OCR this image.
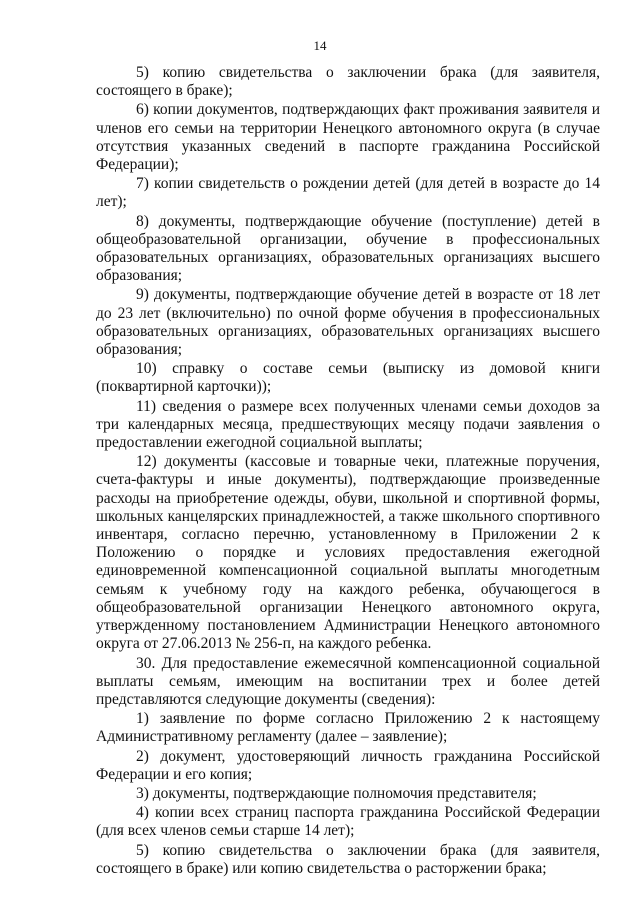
14

5) копию свидетельства о заключении брака (для заявителя, состоящего в браке);

6) копии документов, подтверждающих факт проживания заявителя и членов его семьи на территории Ненецкого автономного округа (в случае отсутствия указанных сведений в паспорте гражданина Российской Федерации);

7) копии свидетельств о рождении детей (для детей в возрасте до 14 лет);

8) документы, подтверждающие обучение (поступление) детей в общеобразовательной организации, обучение в профессиональных образовательных организациях, образовательных организациях высшего образования;

9) документы, подтверждающие обучение детей в возрасте от 18 лет до 23 лет (включительно) по очной форме обучения в профессиональных образовательных организациях, образовательных организациях высшего образования;

10) справку о составе семьи (выписку из домовой книги (поквартирной карточки));

11) сведения о размере всех полученных членами семьи доходов за три календарных месяца, предшествующих месяцу подачи заявления о предоставлении ежегодной социальной выплаты;

12) документы (кассовые и товарные чеки, платежные поручения, счета-фактуры и иные документы), подтверждающие произведенные расходы на приобретение одежды, обуви, школьной и спортивной формы, школьных канцелярских принадлежностей, а также школьного спортивного инвентаря, согласно перечню, установленному в Приложении 2 к Положению о порядке и условиях предоставления ежегодной единовременной компенсационной социальной выплаты многодетным семьям к учебному году на каждого ребенка, обучающегося в общеобразовательной организации Ненецкого автономного округа, утвержденному постановлением Администрации Ненецкого автономного округа от 27.06.2013 № 256-п, на каждого ребенка.

30. Для предоставление ежемесячной компенсационной социальной выплаты семьям, имеющим на воспитании трех и более детей представляются следующие документы (сведения):

1) заявление по форме согласно Приложению 2 к настоящему Административному регламенту (далее – заявление);

2) документ, удостоверяющий личность гражданина Российской Федерации и его копия;

3) документы, подтверждающие полномочия представителя;

4) копии всех страниц паспорта гражданина Российской Федерации (для всех членов семьи старше 14 лет);

5) копию свидетельства о заключении брака (для заявителя, состоящего в браке) или копию свидетельства о расторжении брака;
